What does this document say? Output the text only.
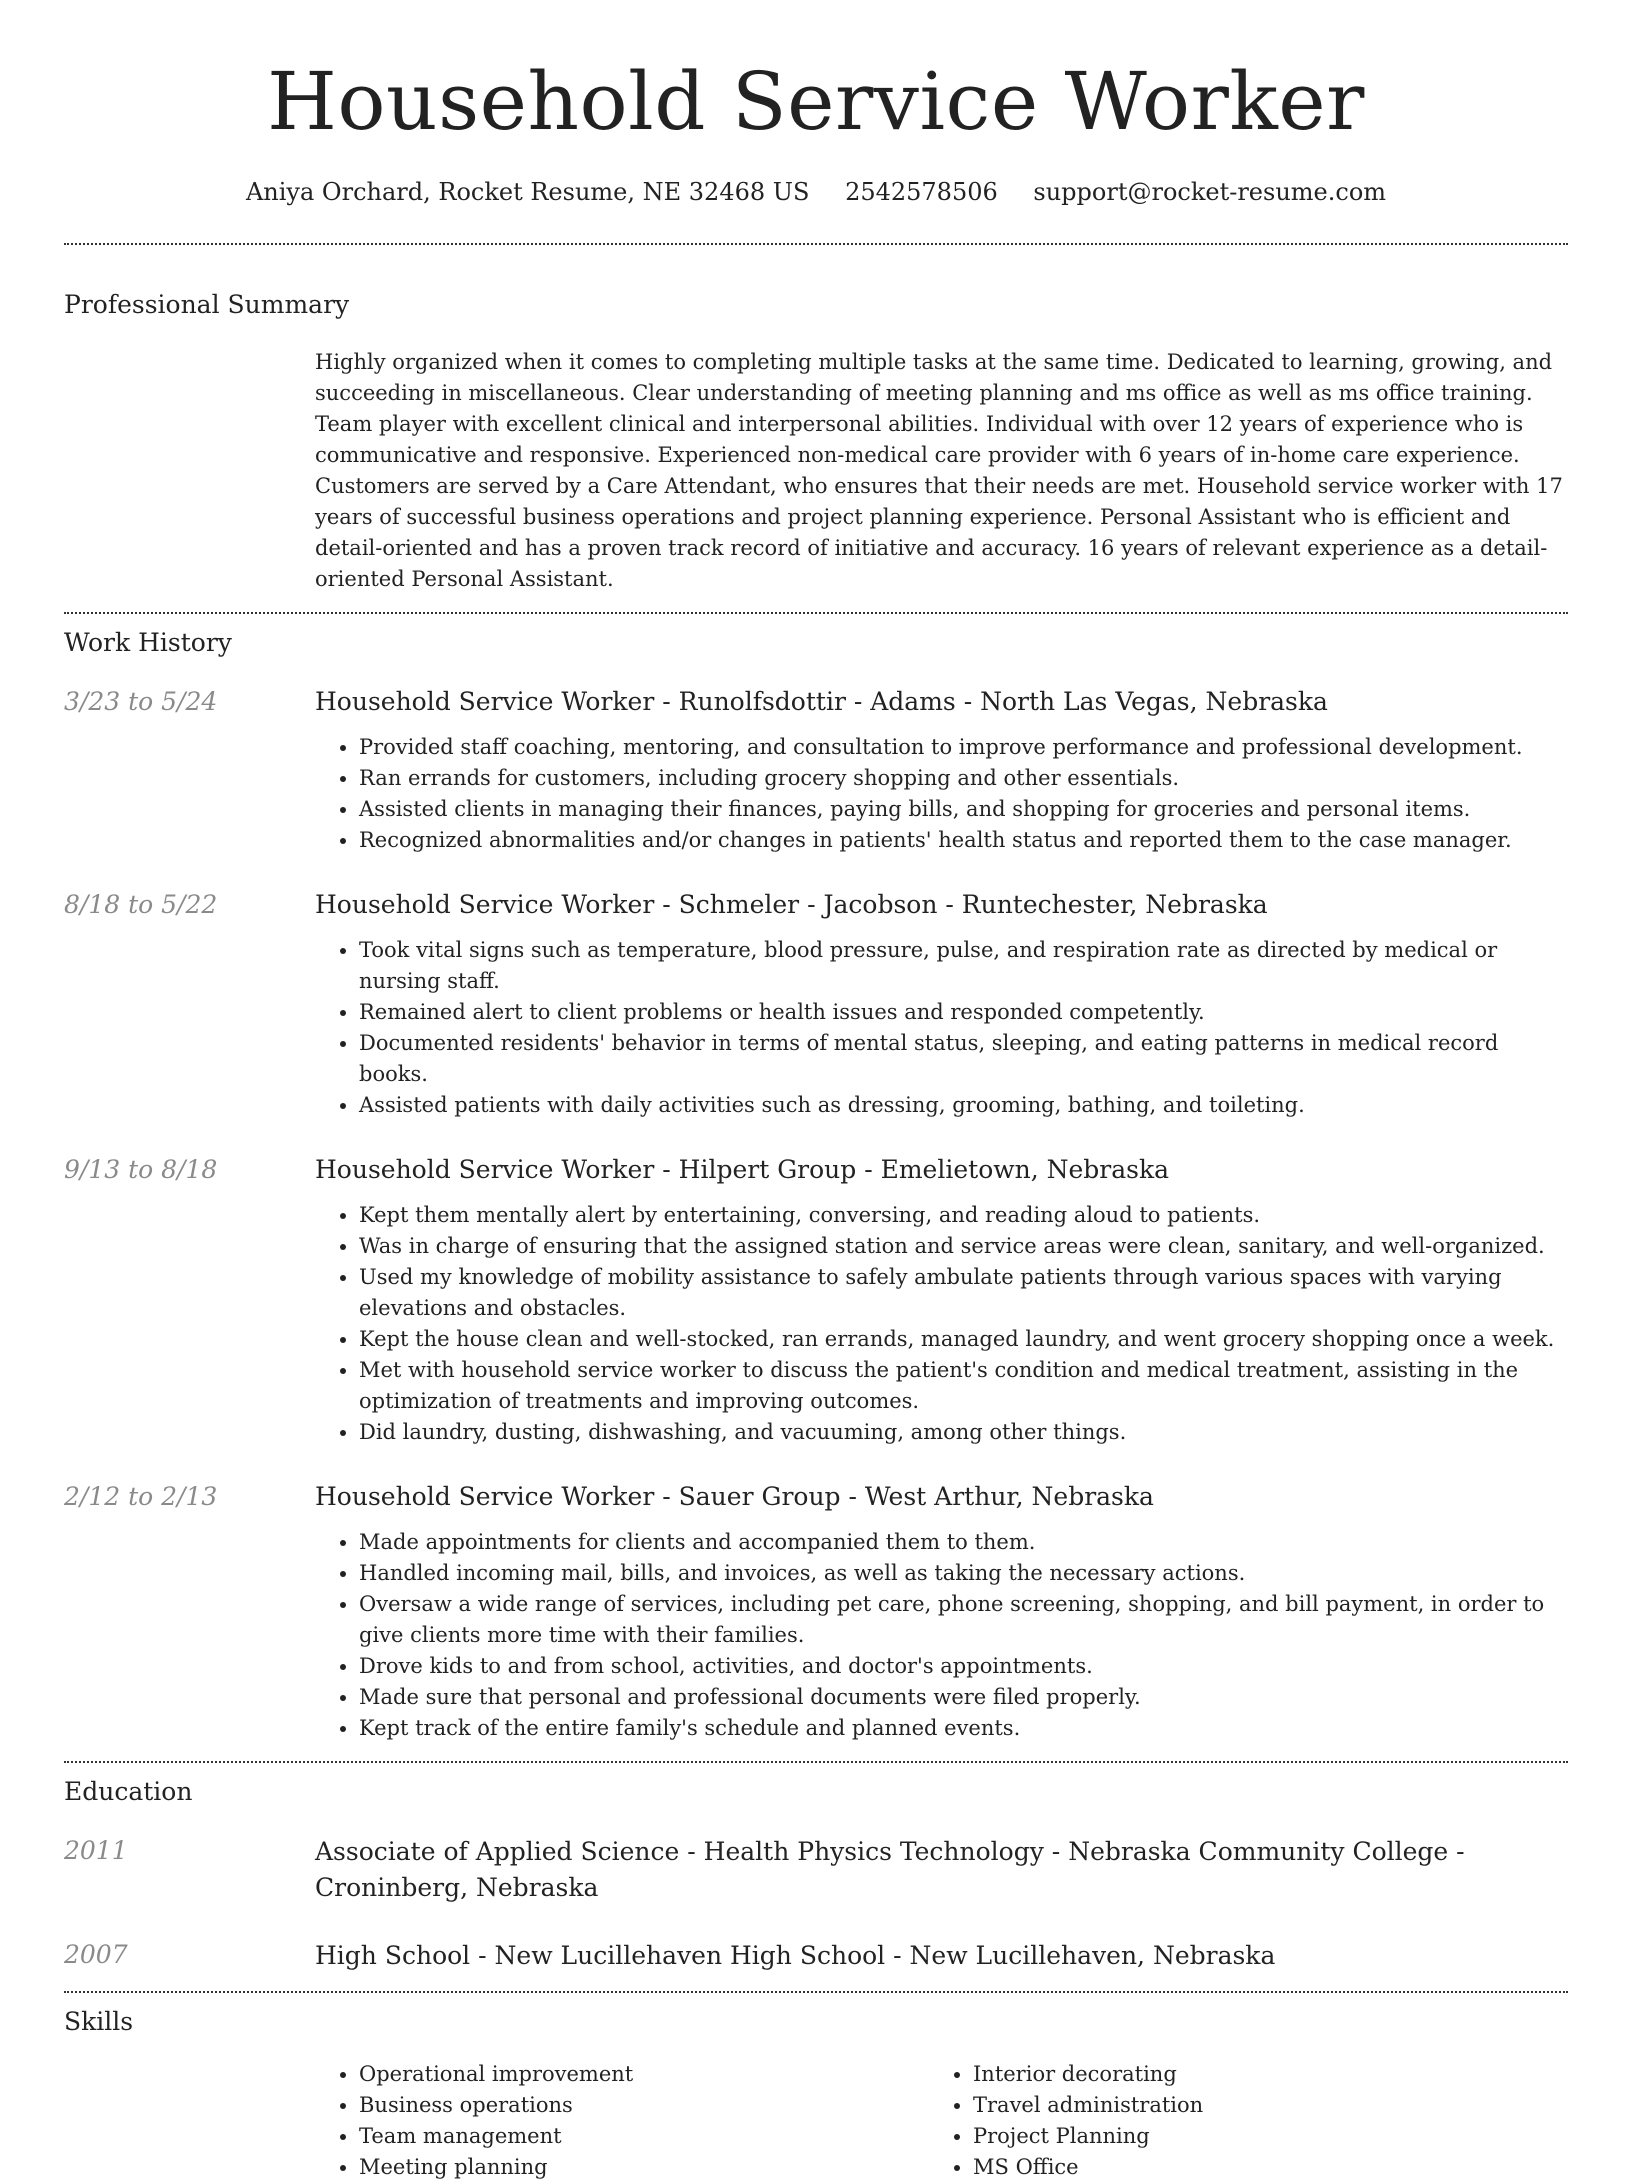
Household Service Worker
Aniya Orchard, Rocket Resume, NE 32468 US 2542578506 support@rocket-resume.com
Professional Summary

Highly organized when it comes to completing multiple tasks at the same time. Dedicated to learning, growing, and succeeding in miscellaneous. Clear understanding of meeting planning and ms office as well as ms office training. Team player with excellent clinical and interpersonal abilities. Individual with over 12 years of experience who is communicative and responsive. Experienced non-medical care provider with 6 years of in-home care experience. Customers are served by a Care Attendant, who ensures that their needs are met. Household service worker with 17 years of successful business operations and project planning experience. Personal Assistant who is efficient and detail-oriented and has a proven track record of initiative and accuracy. 16 years of relevant experience as a detail-oriented Personal Assistant.

Work History
3/23 to 5/24	Household Service Worker - Runolfsdottir - Adams - North Las Vegas, Nebraska
• Provided staff coaching, mentoring, and consultation to improve performance and professional development.
• Ran errands for customers, including grocery shopping and other essentials.
• Assisted clients in managing their finances, paying bills, and shopping for groceries and personal items.
• Recognized abnormalities and/or changes in patients' health status and reported them to the case manager.
8/18 to 5/22	Household Service Worker - Schmeler - Jacobson - Runtechester, Nebraska
• Took vital signs such as temperature, blood pressure, pulse, and respiration rate as directed by medical or nursing staff.
• Remained alert to client problems or health issues and responded competently.
• Documented residents' behavior in terms of mental status, sleeping, and eating patterns in medical record books.
• Assisted patients with daily activities such as dressing, grooming, bathing, and toileting.
9/13 to 8/18	Household Service Worker - Hilpert Group - Emelietown, Nebraska
• Kept them mentally alert by entertaining, conversing, and reading aloud to patients.
• Was in charge of ensuring that the assigned station and service areas were clean, sanitary, and well-organized.
• Used my knowledge of mobility assistance to safely ambulate patients through various spaces with varying elevations and obstacles.
• Kept the house clean and well-stocked, ran errands, managed laundry, and went grocery shopping once a week.
• Met with household service worker to discuss the patient's condition and medical treatment, assisting in the optimization of treatments and improving outcomes.
• Did laundry, dusting, dishwashing, and vacuuming, among other things.
2/12 to 2/13	Household Service Worker - Sauer Group - West Arthur, Nebraska
• Made appointments for clients and accompanied them to them.
• Handled incoming mail, bills, and invoices, as well as taking the necessary actions.
• Oversaw a wide range of services, including pet care, phone screening, shopping, and bill payment, in order to give clients more time with their families.
• Drove kids to and from school, activities, and doctor's appointments.
• Made sure that personal and professional documents were filed properly.
• Kept track of the entire family's schedule and planned events.
Education
2011	Associate of Applied Science - Health Physics Technology - Nebraska Community College - Croninberg, Nebraska
2007	High School - New Lucillehaven High School - New Lucillehaven, Nebraska
Skills
• Operational improvement
• Business operations
• Team management
• Meeting planning
• Interior decorating
• Travel administration
• Project Planning
• MS Office
